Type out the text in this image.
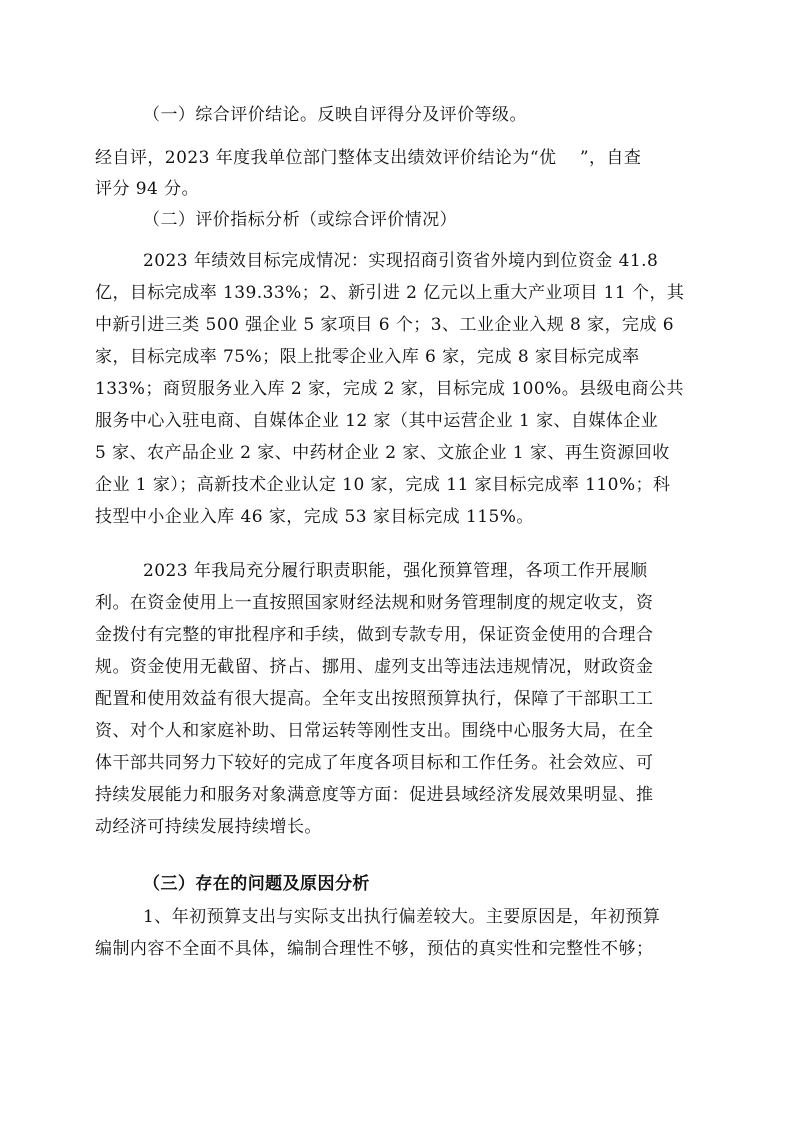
（一）综合评价结论。反映自评得分及评价等级。
经自评，2023 年度我单位部门整体支出绩效评价结论为“优    ”，自查
评分 94 分。
（二）评价指标分析（或综合评价情况）
2023 年绩效目标完成情况：实现招商引资省外境内到位资金 41.8
亿，目标完成率 139.33%；2、新引进 2 亿元以上重大产业项目 11 个，其
中新引进三类 500 强企业 5 家项目 6 个；3、工业企业入规 8 家，完成 6
家，目标完成率 75%；限上批零企业入库 6 家，完成 8 家目标完成率
133%；商贸服务业入库 2 家，完成 2 家，目标完成 100%。县级电商公共
服务中心入驻电商、自媒体企业 12 家（其中运营企业 1 家、自媒体企业
5 家、农产品企业 2 家、中药材企业 2 家、文旅企业 1 家、再生资源回收
企业 1 家）；高新技术企业认定 10 家，完成 11 家目标完成率 110%；科
技型中小企业入库 46 家，完成 53 家目标完成 115%。
2023 年我局充分履行职责职能，强化预算管理，各项工作开展顺
利。在资金使用上一直按照国家财经法规和财务管理制度的规定收支，资
金拨付有完整的审批程序和手续，做到专款专用，保证资金使用的合理合
规。资金使用无截留、挤占、挪用、虚列支出等违法违规情况，财政资金
配置和使用效益有很大提高。全年支出按照预算执行，保障了干部职工工
资、对个人和家庭补助、日常运转等刚性支出。围绕中心服务大局，在全
体干部共同努力下较好的完成了年度各项目标和工作任务。社会效应、可
持续发展能力和服务对象满意度等方面：促进县域经济发展效果明显、推
动经济可持续发展持续增长。
（三）存在的问题及原因分析
1、年初预算支出与实际支出执行偏差较大。主要原因是，年初预算
编制内容不全面不具体，编制合理性不够，预估的真实性和完整性不够；
